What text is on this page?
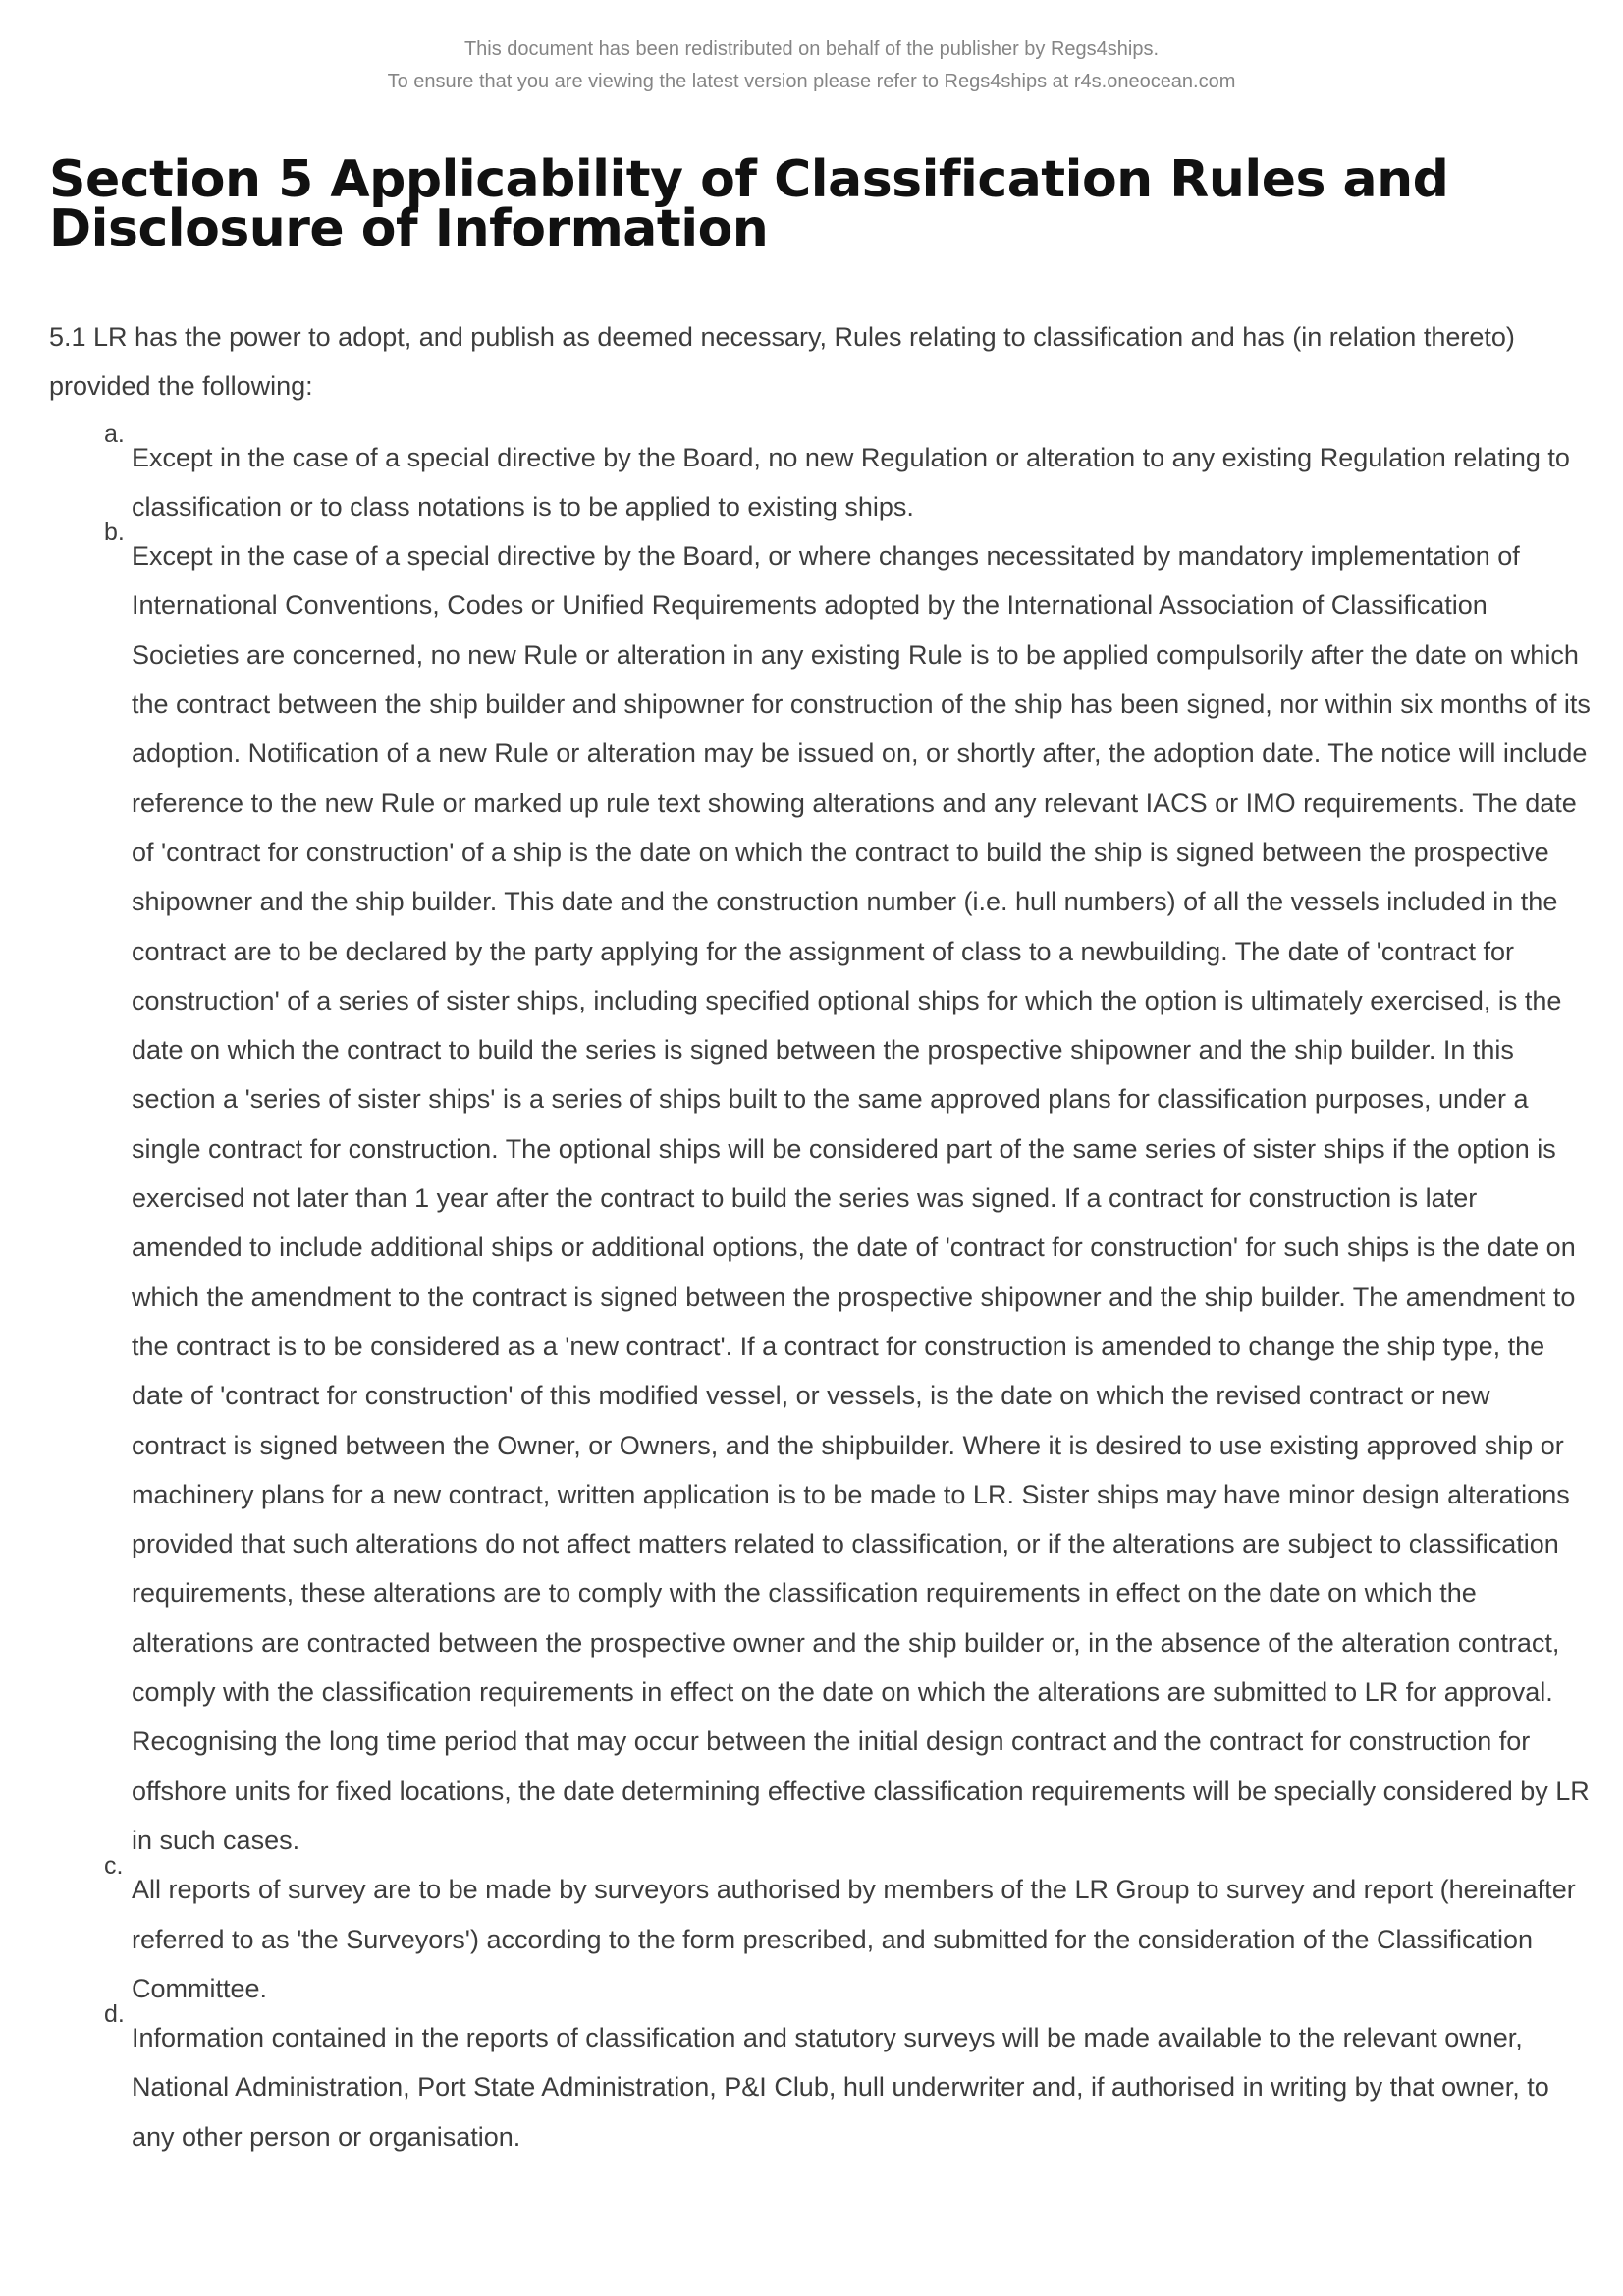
This document has been redistributed on behalf of the publisher by Regs4ships.
To ensure that you are viewing the latest version please refer to Regs4ships at r4s.oneocean.com
Section 5 Applicability of Classification Rules and Disclosure of Information

5.1 LR has the power to adopt, and publish as deemed necessary, Rules relating to classification and has (in relation thereto) provided the following:

a.
Except in the case of a special directive by the Board, no new Regulation or alteration to any existing Regulation relating to classification or to class notations is to be applied to existing ships.
b.
Except in the case of a special directive by the Board, or where changes necessitated by mandatory implementation of International Conventions, Codes or Unified Requirements adopted by the International Association of Classification Societies are concerned, no new Rule or alteration in any existing Rule is to be applied compulsorily after the date on which the contract between the ship builder and shipowner for construction of the ship has been signed, nor within six months of its adoption. Notification of a new Rule or alteration may be issued on, or shortly after, the adoption date. The notice will include reference to the new Rule or marked up rule text showing alterations and any relevant IACS or IMO requirements. The date of 'contract for construction' of a ship is the date on which the contract to build the ship is signed between the prospective shipowner and the ship builder. This date and the construction number (i.e. hull numbers) of all the vessels included in the contract are to be declared by the party applying for the assignment of class to a newbuilding. The date of 'contract for construction' of a series of sister ships, including specified optional ships for which the option is ultimately exercised, is the date on which the contract to build the series is signed between the prospective shipowner and the ship builder. In this section a 'series of sister ships' is a series of ships built to the same approved plans for classification purposes, under a single contract for construction. The optional ships will be considered part of the same series of sister ships if the option is exercised not later than 1 year after the contract to build the series was signed. If a contract for construction is later amended to include additional ships or additional options, the date of 'contract for construction' for such ships is the date on which the amendment to the contract is signed between the prospective shipowner and the ship builder. The amendment to the contract is to be considered as a 'new contract'. If a contract for construction is amended to change the ship type, the date of 'contract for construction' of this modified vessel, or vessels, is the date on which the revised contract or new contract is signed between the Owner, or Owners, and the shipbuilder. Where it is desired to use existing approved ship or machinery plans for a new contract, written application is to be made to LR. Sister ships may have minor design alterations provided that such alterations do not affect matters related to classification, or if the alterations are subject to classification requirements, these alterations are to comply with the classification requirements in effect on the date on which the alterations are contracted between the prospective owner and the ship builder or, in the absence of the alteration contract, comply with the classification requirements in effect on the date on which the alterations are submitted to LR for approval. Recognising the long time period that may occur between the initial design contract and the contract for construction for offshore units for fixed locations, the date determining effective classification requirements will be specially considered by LR in such cases.
c.
All reports of survey are to be made by surveyors authorised by members of the LR Group to survey and report (hereinafter referred to as 'the Surveyors') according to the form prescribed, and submitted for the consideration of the Classification Committee.
d.
Information contained in the reports of classification and statutory surveys will be made available to the relevant owner, National Administration, Port State Administration, P&I Club, hull underwriter and, if authorised in writing by that owner, to any other person or organisation.
